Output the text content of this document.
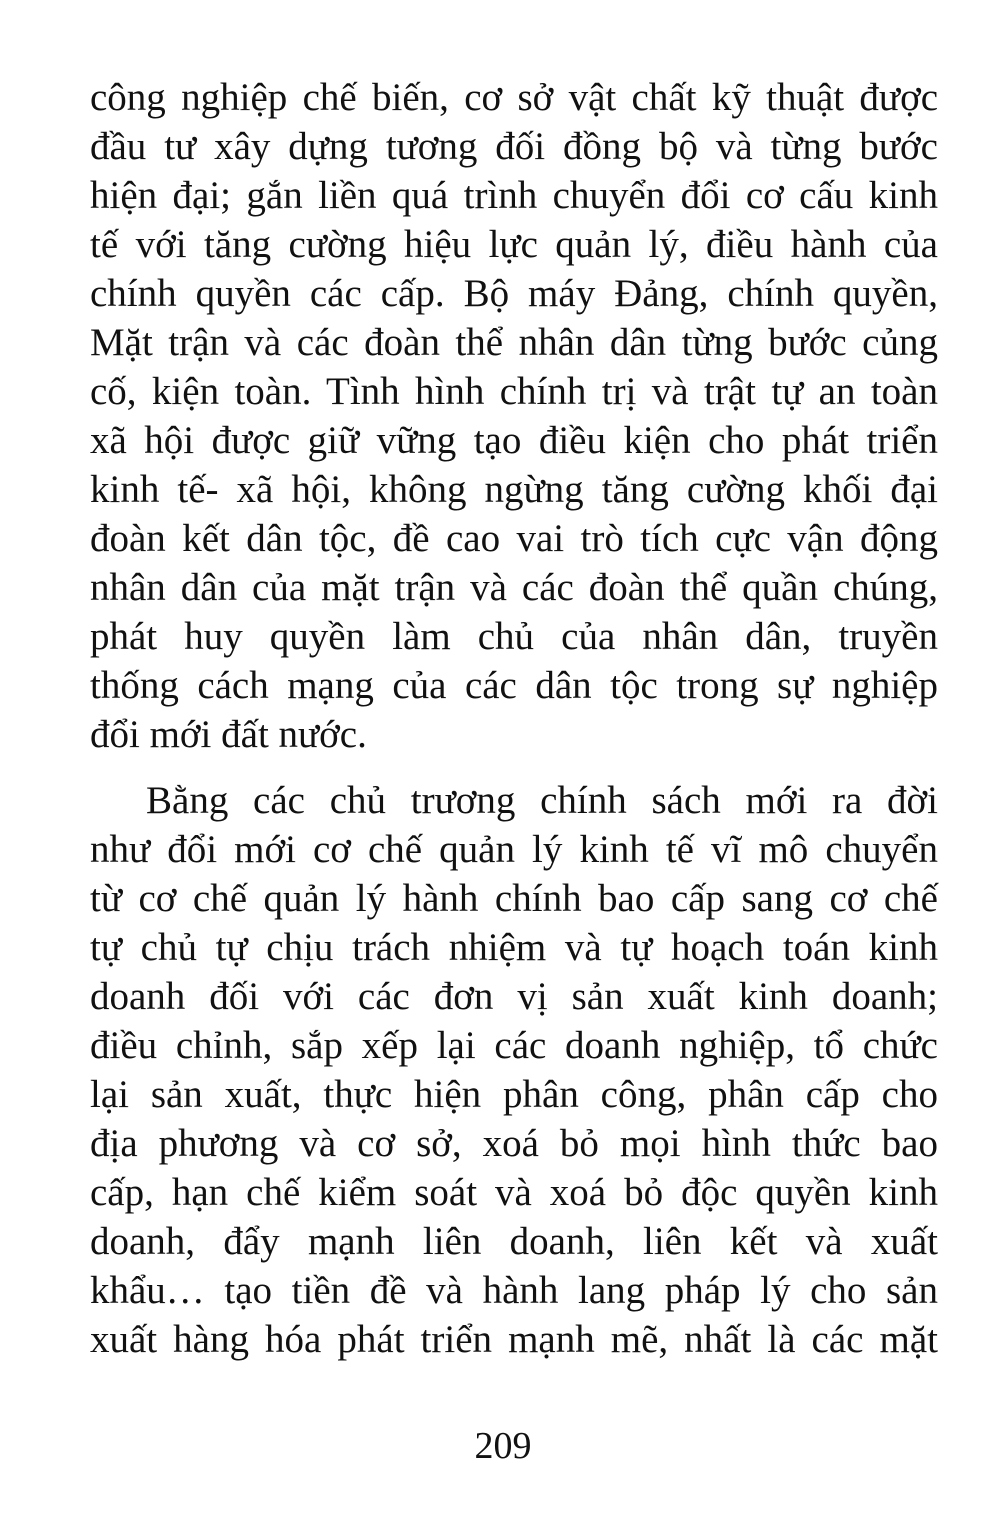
công nghiệp chế biến, cơ sở vật chất kỹ thuật được
đầu tư xây dựng tương đối đồng bộ và từng bước
hiện đại; gắn liền quá trình chuyển đổi cơ cấu kinh
tế với tăng cường hiệu lực quản lý, điều hành của
chính quyền các cấp. Bộ máy Đảng, chính quyền,
Mặt trận và các đoàn thể nhân dân từng bước củng
cố, kiện toàn. Tình hình chính trị và trật tự an toàn
xã hội được giữ vững tạo điều kiện cho phát triển
kinh tế- xã hội, không ngừng tăng cường khối đại
đoàn kết dân tộc, đề cao vai trò tích cực vận động
nhân dân của mặt trận và các đoàn thể quần chúng,
phát huy quyền làm chủ của nhân dân, truyền
thống cách mạng của các dân tộc trong sự nghiệp
đổi mới đất nước.
Bằng các chủ trương chính sách mới ra đời
như đổi mới cơ chế quản lý kinh tế vĩ mô chuyển
từ cơ chế quản lý hành chính bao cấp sang cơ chế
tự chủ tự chịu trách nhiệm và tự hoạch toán kinh
doanh đối với các đơn vị sản xuất kinh doanh;
điều chỉnh, sắp xếp lại các doanh nghiệp, tổ chức
lại sản xuất, thực hiện phân công, phân cấp cho
địa phương và cơ sở, xoá bỏ mọi hình thức bao
cấp, hạn chế kiểm soát và xoá bỏ độc quyền kinh
doanh, đẩy mạnh liên doanh, liên kết và xuất
khẩu… tạo tiền đề và hành lang pháp lý cho sản
xuất hàng hóa phát triển mạnh mẽ, nhất là các mặt
209
